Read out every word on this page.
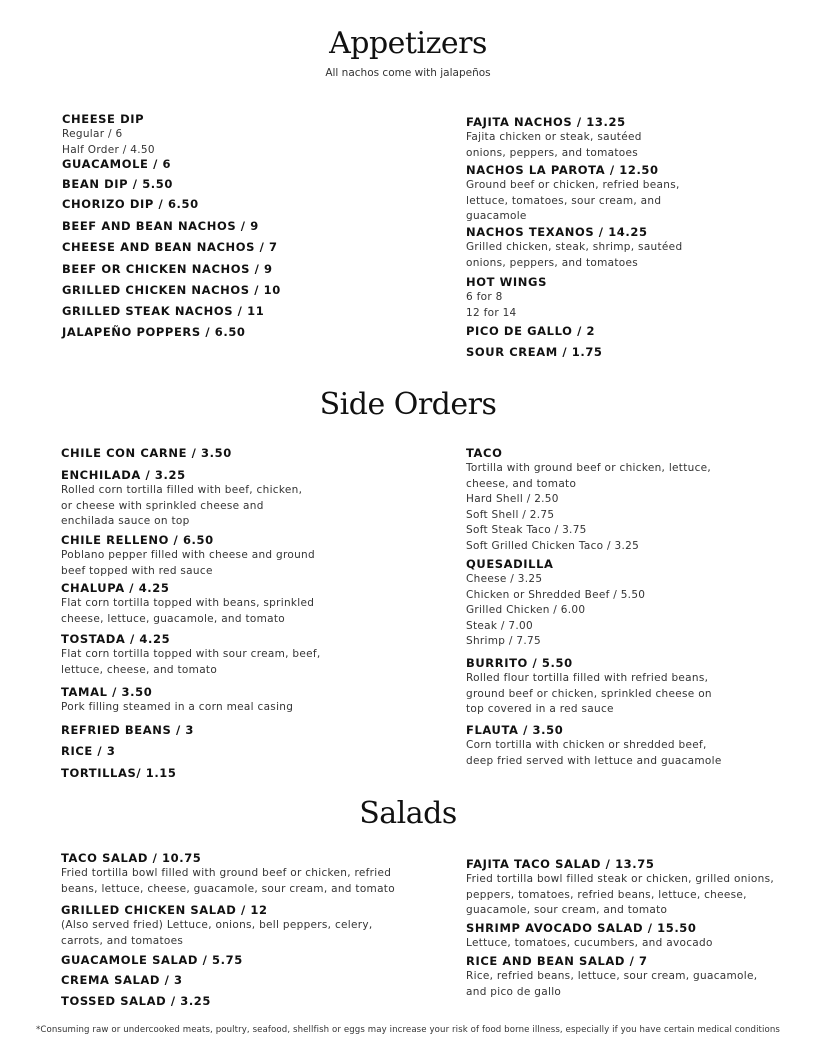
Appetizers
All nachos come with jalapeños
Side Orders
Salads
CHEESE DIP
Regular / 6
Half Order / 4.50
GUACAMOLE / 6
BEAN DIP / 5.50
CHORIZO DIP / 6.50
BEEF AND BEAN NACHOS / 9
CHEESE AND BEAN NACHOS / 7
BEEF OR CHICKEN NACHOS / 9
GRILLED CHICKEN NACHOS / 10
GRILLED STEAK NACHOS / 11
JALAPEÑO POPPERS / 6.50
FAJITA NACHOS / 13.25
Fajita chicken or steak, sautéed
onions, peppers, and tomatoes
NACHOS LA PAROTA / 12.50
Ground beef or chicken, refried beans,
lettuce, tomatoes, sour cream, and
guacamole
NACHOS TEXANOS / 14.25
Grilled chicken, steak, shrimp, sautéed
onions, peppers, and tomatoes
HOT WINGS
6 for 8
12 for 14
PICO DE GALLO / 2
SOUR CREAM / 1.75
CHILE CON CARNE / 3.50
ENCHILADA / 3.25
Rolled corn tortilla filled with beef, chicken,
or cheese with sprinkled cheese and
enchilada sauce on top
CHILE RELLENO / 6.50
Poblano pepper filled with cheese and ground
beef topped with red sauce
CHALUPA / 4.25
Flat corn tortilla topped with beans, sprinkled
cheese, lettuce, guacamole, and tomato
TOSTADA / 4.25
Flat corn tortilla topped with sour cream, beef,
lettuce, cheese, and tomato
TAMAL / 3.50
Pork filling steamed in a corn meal casing
REFRIED BEANS / 3
RICE / 3
TORTILLAS/ 1.15
TACO
Tortilla with ground beef or chicken, lettuce,
cheese, and tomato
Hard Shell / 2.50
Soft Shell / 2.75
Soft Steak Taco / 3.75
Soft Grilled Chicken Taco / 3.25
QUESADILLA
Cheese / 3.25
Chicken or Shredded Beef / 5.50
Grilled Chicken / 6.00
Steak / 7.00
Shrimp / 7.75
BURRITO / 5.50
Rolled flour tortilla filled with refried beans,
ground beef or chicken, sprinkled cheese on
top covered in a red sauce
FLAUTA / 3.50
Corn tortilla with chicken or shredded beef,
deep fried served with lettuce and guacamole
TACO SALAD / 10.75
Fried tortilla bowl filled with ground beef or chicken, refried
beans, lettuce, cheese, guacamole, sour cream, and tomato
GRILLED CHICKEN SALAD / 12
(Also served fried) Lettuce, onions, bell peppers, celery,
carrots, and tomatoes
GUACAMOLE SALAD / 5.75
CREMA SALAD / 3
TOSSED SALAD / 3.25
FAJITA TACO SALAD / 13.75
Fried tortilla bowl filled steak or chicken, grilled onions,
peppers, tomatoes, refried beans, lettuce, cheese,
guacamole, sour cream, and tomato
SHRIMP AVOCADO SALAD / 15.50
Lettuce, tomatoes, cucumbers, and avocado
RICE AND BEAN SALAD / 7
Rice, refried beans, lettuce, sour cream, guacamole,
and pico de gallo
*Consuming raw or undercooked meats, poultry, seafood, shellfish or eggs may increase your risk of food borne illness, especially if you have certain medical conditions
